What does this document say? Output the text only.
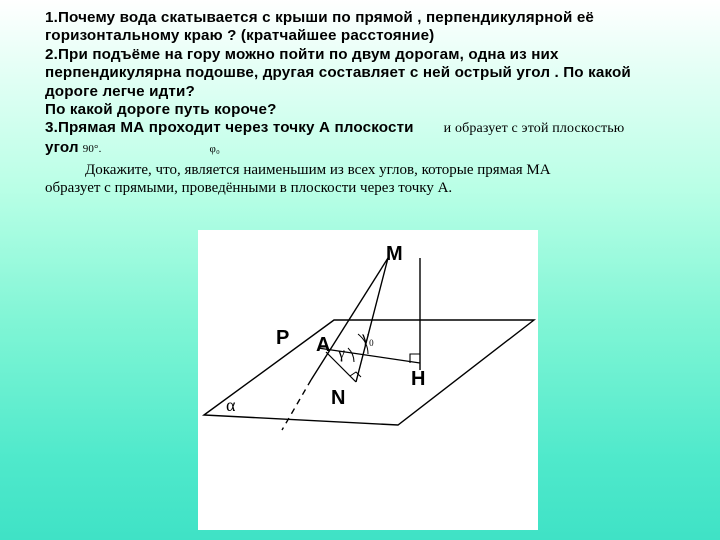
1.Почему вода скатывается с крыши по прямой , перпендикулярной её
горизонтальному краю ? (кратчайшее расстояние)
2.При подъёме на гору можно пойти по двум дорогам, одна из них
перпендикулярна подошве, другая составляет с ней острый угол . По какой
дороге легче идти?
По какой дороге путь короче?
3.Прямая МА проходит через точку А плоскости и образует с этой плоскостью
угол 90°.	φ₀
Докажите, что, является наименьшим из всех углов, которые прямая МА
образует с прямыми, проведёнными в плоскости через точку А.
M
P A
N
H
α
γ
$\gamma_0$
